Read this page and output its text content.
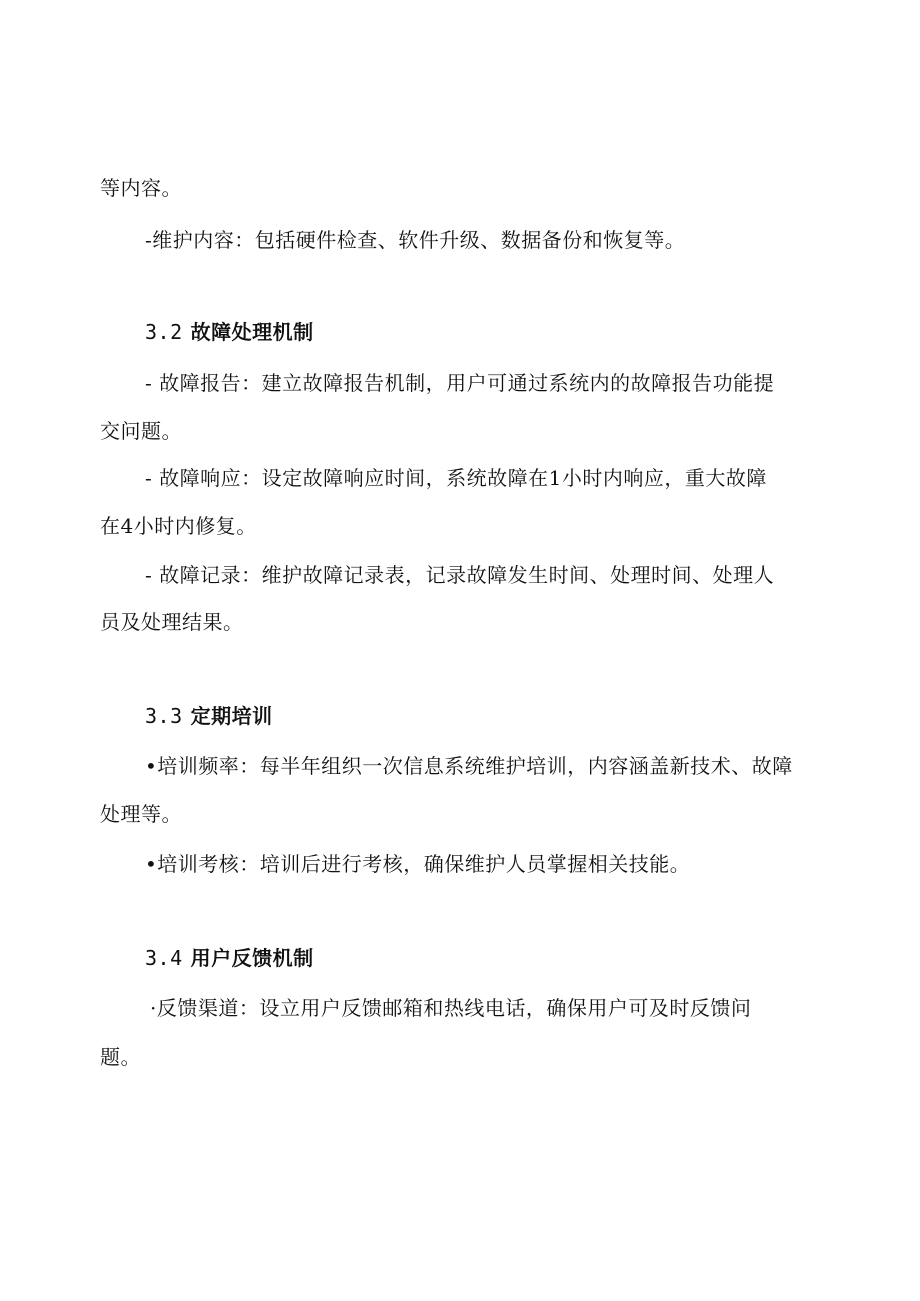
等内容。
-维护内容：包括硬件检查、软件升级、数据备份和恢复等。
3.2 故障处理机制
- 故障报告：建立故障报告机制，用户可通过系统内的故障报告功能提
交问题。
- 故障响应：设定故障响应时间，系统故障在1小时内响应，重大故障
在4小时内修复。
- 故障记录：维护故障记录表，记录故障发生时间、处理时间、处理人
员及处理结果。
3.3 定期培训
•培训频率：每半年组织一次信息系统维护培训，内容涵盖新技术、故障
处理等。
•培训考核：培训后进行考核，确保维护人员掌握相关技能。
3.4 用户反馈机制
·反馈渠道：设立用户反馈邮箱和热线电话，确保用户可及时反馈问
题。
